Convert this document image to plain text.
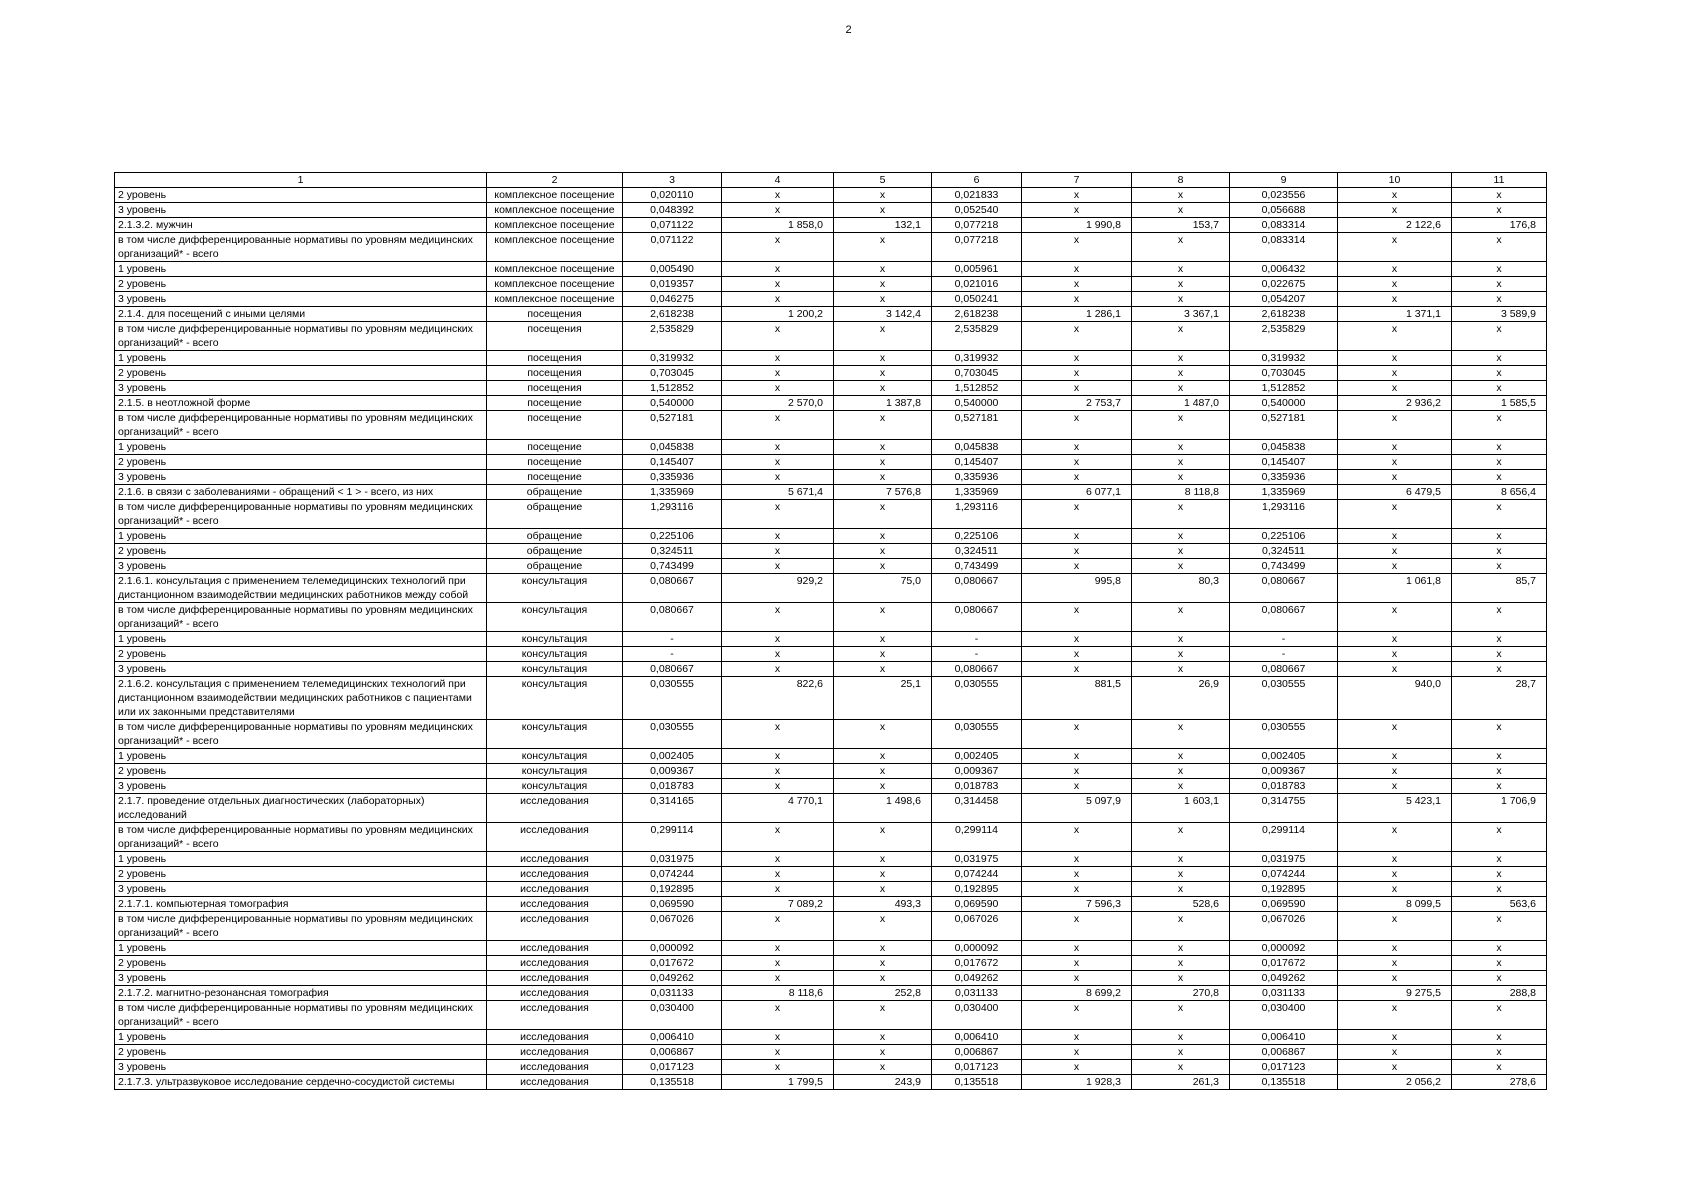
2
1	2	3	4	5	6	7	8	9	10	11
2 уровень	комплексное посещение	0,020110	х	х	0,021833	х	х	0,023556	х	х
3 уровень	комплексное посещение	0,048392	х	х	0,052540	х	х	0,056688	х	х
2.1.3.2. мужчин	комплексное посещение	0,071122	1 858,0	132,1	0,077218	1 990,8	153,7	0,083314	2 122,6	176,8
в том числе дифференцированные нормативы по уровням медицинских организаций* - всего	комплексное посещение	0,071122	х	х	0,077218	х	х	0,083314	х	х
1 уровень	комплексное посещение	0,005490	х	х	0,005961	х	х	0,006432	х	х
2 уровень	комплексное посещение	0,019357	х	х	0,021016	х	х	0,022675	х	х
3 уровень	комплексное посещение	0,046275	х	х	0,050241	х	х	0,054207	х	х
2.1.4. для посещений с иными целями	посещения	2,618238	1 200,2	3 142,4	2,618238	1 286,1	3 367,1	2,618238	1 371,1	3 589,9
в том числе дифференцированные нормативы по уровням медицинских организаций* - всего	посещения	2,535829	х	х	2,535829	х	х	2,535829	х	х
1 уровень	посещения	0,319932	х	х	0,319932	х	х	0,319932	х	х
2 уровень	посещения	0,703045	х	х	0,703045	х	х	0,703045	х	х
3 уровень	посещения	1,512852	х	х	1,512852	х	х	1,512852	х	х
2.1.5. в неотложной форме	посещение	0,540000	2 570,0	1 387,8	0,540000	2 753,7	1 487,0	0,540000	2 936,2	1 585,5
в том числе дифференцированные нормативы по уровням медицинских организаций* - всего	посещение	0,527181	х	х	0,527181	х	х	0,527181	х	х
1 уровень	посещение	0,045838	х	х	0,045838	х	х	0,045838	х	х
2 уровень	посещение	0,145407	х	х	0,145407	х	х	0,145407	х	х
3 уровень	посещение	0,335936	х	х	0,335936	х	х	0,335936	х	х
2.1.6. в связи с заболеваниями - обращений < 1 > - всего, из них	обращение	1,335969	5 671,4	7 576,8	1,335969	6 077,1	8 118,8	1,335969	6 479,5	8 656,4
в том числе дифференцированные нормативы по уровням медицинских организаций* - всего	обращение	1,293116	х	х	1,293116	х	х	1,293116	х	х
1 уровень	обращение	0,225106	х	х	0,225106	х	х	0,225106	х	х
2 уровень	обращение	0,324511	х	х	0,324511	х	х	0,324511	х	х
3 уровень	обращение	0,743499	х	х	0,743499	х	х	0,743499	х	х
2.1.6.1. консультация с применением телемедицинских технологий при дистанционном взаимодействии медицинских работников между собой	консультация	0,080667	929,2	75,0	0,080667	995,8	80,3	0,080667	1 061,8	85,7
в том числе дифференцированные нормативы по уровням медицинских организаций* - всего	консультация	0,080667	х	х	0,080667	х	х	0,080667	х	х
1 уровень	консультация	-	х	х	-	х	х	-	х	х
2 уровень	консультация	-	х	х	-	х	х	-	х	х
3 уровень	консультация	0,080667	х	х	0,080667	х	х	0,080667	х	х
2.1.6.2. консультация с применением телемедицинских технологий при дистанционном взаимодействии медицинских работников с пациентами или их законными представителями	консультация	0,030555	822,6	25,1	0,030555	881,5	26,9	0,030555	940,0	28,7
в том числе дифференцированные нормативы по уровням медицинских организаций* - всего	консультация	0,030555	х	х	0,030555	х	х	0,030555	х	х
1 уровень	консультация	0,002405	х	х	0,002405	х	х	0,002405	х	х
2 уровень	консультация	0,009367	х	х	0,009367	х	х	0,009367	х	х
3 уровень	консультация	0,018783	х	х	0,018783	х	х	0,018783	х	х
2.1.7. проведение отдельных диагностических (лабораторных) исследований	исследования	0,314165	4 770,1	1 498,6	0,314458	5 097,9	1 603,1	0,314755	5 423,1	1 706,9
в том числе дифференцированные нормативы по уровням медицинских организаций* - всего	исследования	0,299114	х	х	0,299114	х	х	0,299114	х	х
1 уровень	исследования	0,031975	х	х	0,031975	х	х	0,031975	х	х
2 уровень	исследования	0,074244	х	х	0,074244	х	х	0,074244	х	х
3 уровень	исследования	0,192895	х	х	0,192895	х	х	0,192895	х	х
2.1.7.1. компьютерная томография	исследования	0,069590	7 089,2	493,3	0,069590	7 596,3	528,6	0,069590	8 099,5	563,6
в том числе дифференцированные нормативы по уровням медицинских организаций* - всего	исследования	0,067026	х	х	0,067026	х	х	0,067026	х	х
1 уровень	исследования	0,000092	х	х	0,000092	х	х	0,000092	х	х
2 уровень	исследования	0,017672	х	х	0,017672	х	х	0,017672	х	х
3 уровень	исследования	0,049262	х	х	0,049262	х	х	0,049262	х	х
2.1.7.2. магнитно-резонансная томография	исследования	0,031133	8 118,6	252,8	0,031133	8 699,2	270,8	0,031133	9 275,5	288,8
в том числе дифференцированные нормативы по уровням медицинских организаций* - всего	исследования	0,030400	х	х	0,030400	х	х	0,030400	х	х
1 уровень	исследования	0,006410	х	х	0,006410	х	х	0,006410	х	х
2 уровень	исследования	0,006867	х	х	0,006867	х	х	0,006867	х	х
3 уровень	исследования	0,017123	х	х	0,017123	х	х	0,017123	х	х
2.1.7.3. ультразвуковое исследование сердечно-сосудистой системы	исследования	0,135518	1 799,5	243,9	0,135518	1 928,3	261,3	0,135518	2 056,2	278,6
